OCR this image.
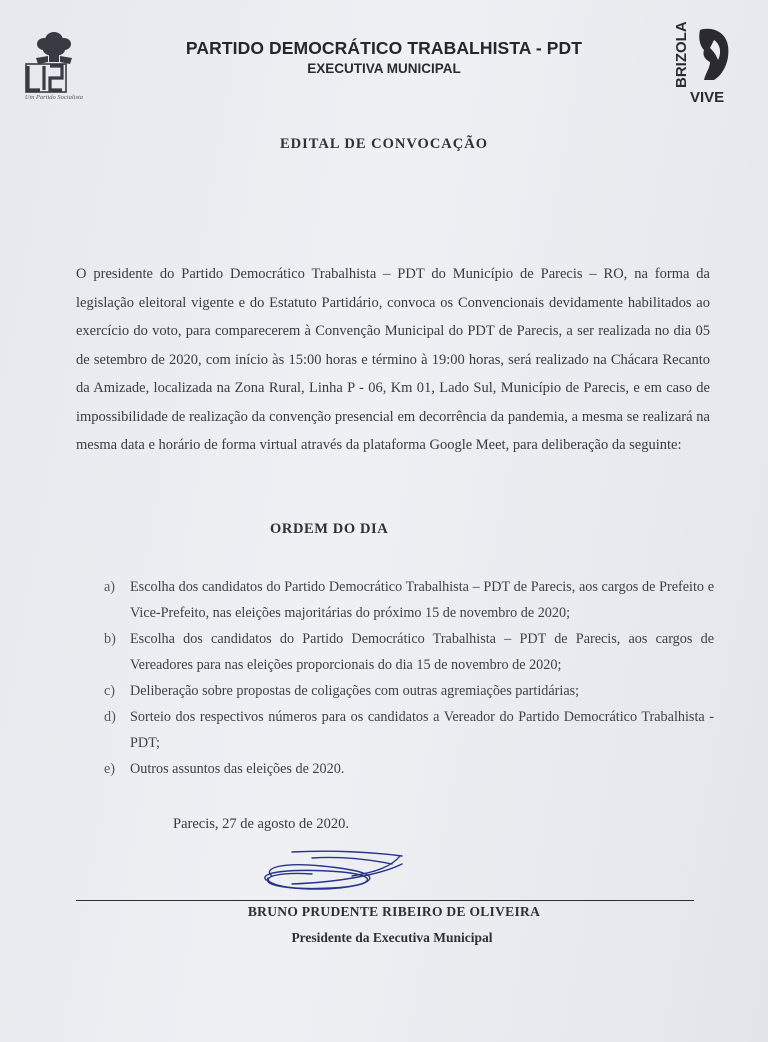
Um Partido Socialista
PARTIDO DEMOCRÁTICO TRABALHISTA - PDT
EXECUTIVA MUNICIPAL	BRIZOLA
VIVE
EDITAL DE CONVOCAÇÃO
O presidente do Partido Democrático Trabalhista – PDT do Município de Parecis – RO, na forma da legislação eleitoral vigente e do Estatuto Partidário, convoca os Convencionais devidamente habilitados ao exercício do voto, para comparecerem à Convenção Municipal do PDT de Parecis, a ser realizada no dia 05 de setembro de 2020, com início às 15:00 horas e término à 19:00 horas, será realizado na Chácara Recanto da Amizade, localizada na Zona Rural, Linha P - 06, Km 01, Lado Sul, Município de Parecis, e em caso de impossibilidade de realização da convenção presencial em decorrência da pandemia, a mesma se realizará na mesma data e horário de forma virtual através da plataforma Google Meet, para deliberação da seguinte:
ORDEM DO DIA
a) Escolha dos candidatos do Partido Democrático Trabalhista – PDT de Parecis, aos cargos de Prefeito e Vice-Prefeito, nas eleições majoritárias do próximo 15 de novembro de 2020;
b) Escolha dos candidatos do Partido Democrático Trabalhista – PDT de Parecis, aos cargos de Vereadores para nas eleições proporcionais do dia 15 de novembro de 2020;
c) Deliberação sobre propostas de coligações com outras agremiações partidárias;
d) Sorteio dos respectivos números para os candidatos a Vereador do Partido Democrático Trabalhista - PDT;
e) Outros assuntos das eleições de 2020.
Parecis, 27 de agosto de 2020.
BRUNO PRUDENTE RIBEIRO DE OLIVEIRA
Presidente da Executiva Municipal
